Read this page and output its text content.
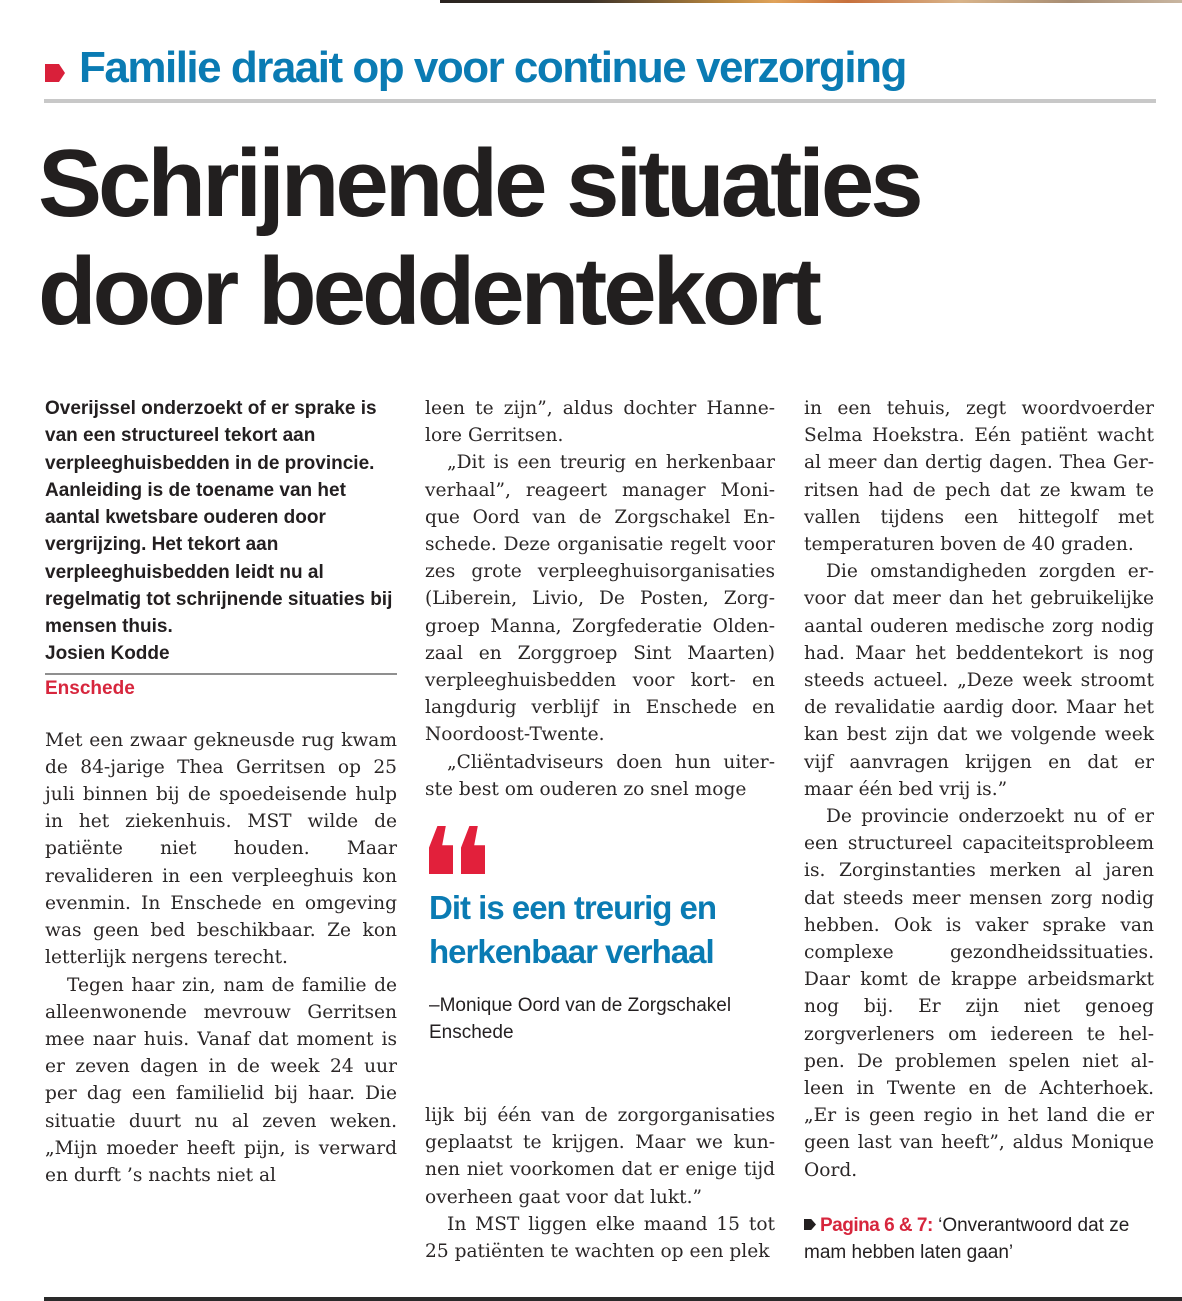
Familie draait op voor continue verzorging
Schrijnende situaties
door beddentekort

Overijssel onderzoekt of er sprake is van een structureel tekort aan verpleeghuisbedden in de provincie. Aanleiding is de toename van het aantal kwetsbare ouderen door vergrijzing. Het tekort aan verpleeghuisbedden leidt nu al regelmatig tot schrijnende situaties bij mensen thuis.

Josien Kodde
Enschede

Met een zwaar gekneusde rug kwam de 84-jarige Thea Gerritsen op 25 juli binnen bij de spoedeisende hulp in het ziekenhuis. MST wilde de patiënte niet houden. Maar revalideren in een verpleeghuis kon evenmin. In Enschede en omgeving was geen bed beschikbaar. Ze kon letterlijk nergens terecht.

Tegen haar zin, nam de familie de alleenwonende mevrouw Gerritsen mee naar huis. Vanaf dat moment is er zeven dagen in de week 24 uur per dag een familielid bij haar. Die situatie duurt nu al zeven weken. „Mijn moeder heeft pijn, is verward en durft ’s nachts niet al

leen te zijn”, aldus dochter Hannelore Gerritsen.

„Dit is een treurig en herkenbaar verhaal”, reageert manager Monique Oord van de Zorgschakel Enschede. Deze organisatie regelt voor zes grote verpleeghuisorganisaties (Liberein, Livio, De Posten, Zorggroep Manna, Zorgfederatie Oldenzaal en Zorggroep Sint Maarten) verpleeghuisbedden voor kort- en langdurig verblijf in Enschede en Noordoost-Twente.

„Cliëntadviseurs doen hun uiterste best om ouderen zo snel moge

Dit is een treurig en herkenbaar verhaal

–Monique Oord van de Zorgschakel Enschede

lijk bij één van de zorgorganisaties geplaatst te krijgen. Maar we kunnen niet voorkomen dat er enige tijd overheen gaat voor dat lukt.”

In MST liggen elke maand 15 tot 25 patiënten te wachten op een plek

in een tehuis, zegt woordvoerder Selma Hoekstra. Eén patiënt wacht al meer dan dertig dagen. Thea Gerritsen had de pech dat ze kwam te vallen tijdens een hittegolf met temperaturen boven de 40 graden.

Die omstandigheden zorgden ervoor dat meer dan het gebruikelijke aantal ouderen medische zorg nodig had. Maar het beddentekort is nog steeds actueel. „Deze week stroomt de revalidatie aardig door. Maar het kan best zijn dat we volgende week vijf aanvragen krijgen en dat er maar één bed vrij is.”

De provincie onderzoekt nu of er een structureel capaciteitsprobleem is. Zorginstanties merken al jaren dat steeds meer mensen zorg nodig hebben. Ook is vaker sprake van complexe gezondheidssituaties. Daar komt de krappe arbeidsmarkt nog bij. Er zijn niet genoeg zorgverleners om iedereen te helpen. De problemen spelen niet alleen in Twente en de Achterhoek. „Er is geen regio in het land die er geen last van heeft”, aldus Monique Oord.

Pagina 6 & 7: ‘Onverantwoord dat ze mam hebben laten gaan’
